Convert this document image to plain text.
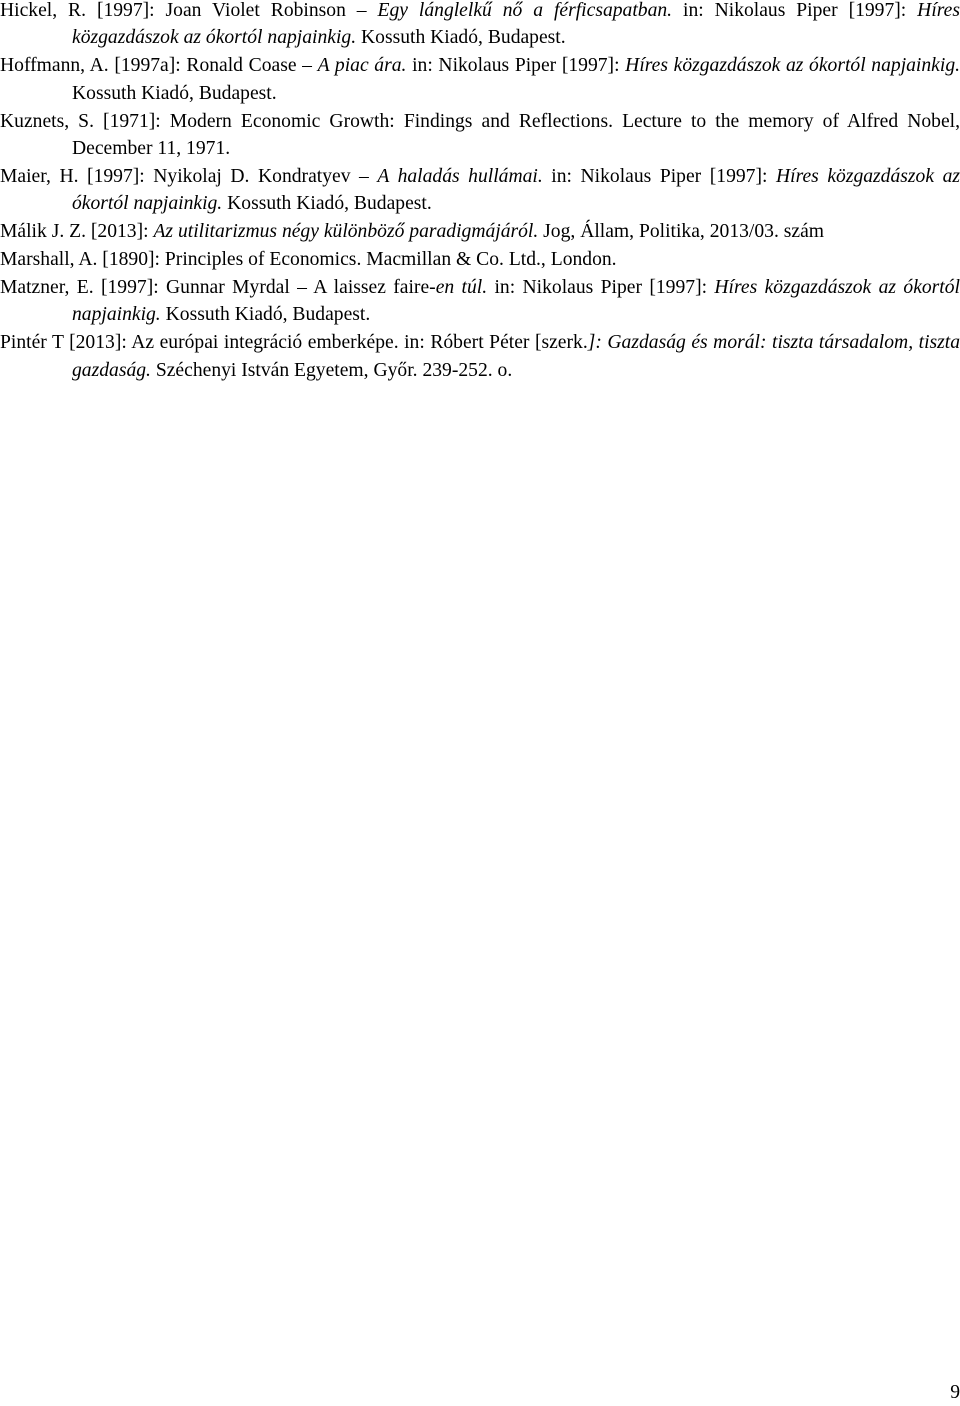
Hickel, R. [1997]: Joan Violet Robinson – Egy lánglelkű nő a férficsapatban. in: Nikolaus Piper [1997]: Híres közgazdászok az ókortól napjainkig. Kossuth Kiadó, Budapest.
Hoffmann, A. [1997a]: Ronald Coase – A piac ára. in: Nikolaus Piper [1997]: Híres közgazdászok az ókortól napjainkig. Kossuth Kiadó, Budapest.
Kuznets, S. [1971]: Modern Economic Growth: Findings and Reflections. Lecture to the memory of Alfred Nobel, December 11, 1971.
Maier, H. [1997]: Nyikolaj D. Kondratyev – A haladás hullámai. in: Nikolaus Piper [1997]: Híres közgazdászok az ókortól napjainkig. Kossuth Kiadó, Budapest.
Málik J. Z. [2013]: Az utilitarizmus négy különböző paradigmájáról. Jog, Állam, Politika, 2013/03. szám
Marshall, A. [1890]: Principles of Economics. Macmillan & Co. Ltd., London.
Matzner, E. [1997]: Gunnar Myrdal – A laissez faire-en túl. in: Nikolaus Piper [1997]: Híres közgazdászok az ókortól napjainkig. Kossuth Kiadó, Budapest.
Pintér T [2013]: Az európai integráció emberképe. in: Róbert Péter [szerk.]: Gazdaság és morál: tiszta társadalom, tiszta gazdaság. Széchenyi István Egyetem, Győr. 239-252. o.
9
